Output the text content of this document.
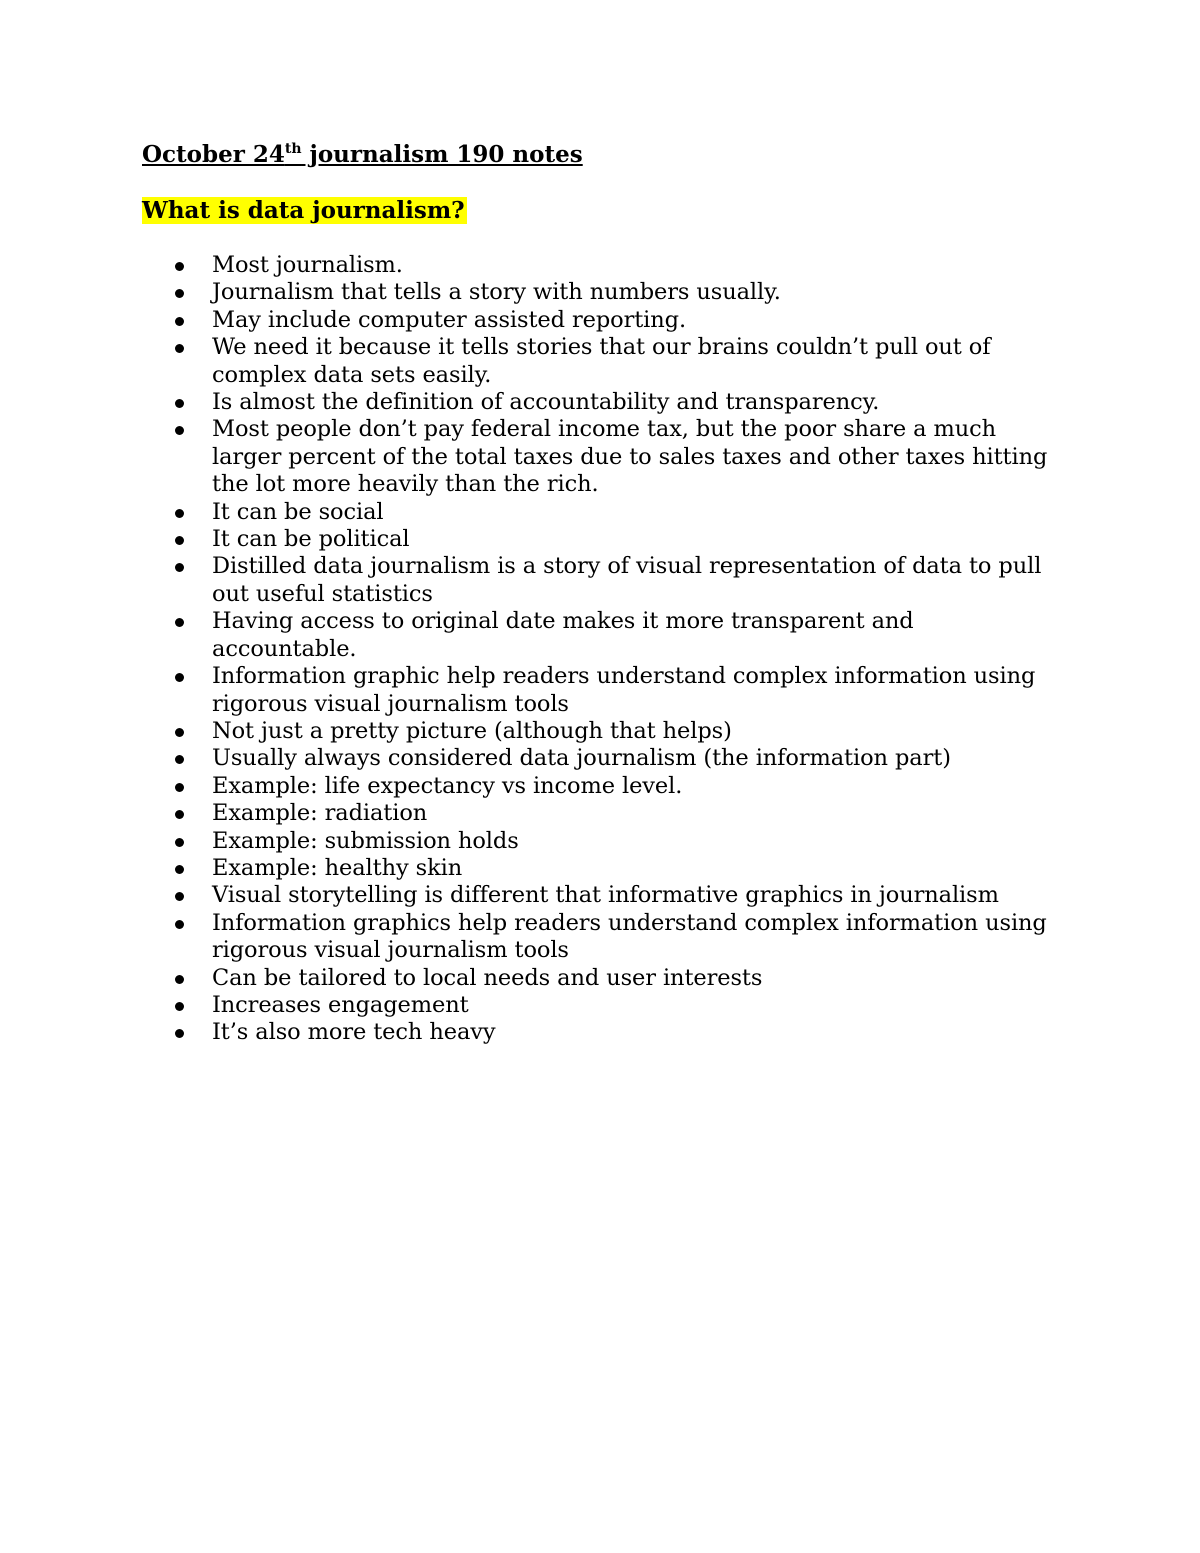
October 24th journalism 190 notes

What is data journalism?

Most journalism.
Journalism that tells a story with numbers usually.
May include computer assisted reporting.
We need it because it tells stories that our brains couldn’t pull out of complex data sets easily.
Is almost the definition of accountability and transparency.
Most people don’t pay federal income tax, but the poor share a much larger percent of the total taxes due to sales taxes and other taxes hitting the lot more heavily than the rich.
It can be social
It can be political
Distilled data journalism is a story of visual representation of data to pull out useful statistics
Having access to original date makes it more transparent and accountable.
Information graphic help readers understand complex information using rigorous visual journalism tools
Not just a pretty picture (although that helps)
Usually always considered data journalism (the information part)
Example: life expectancy vs income level.
Example: radiation
Example: submission holds
Example: healthy skin
Visual storytelling is different that informative graphics in journalism
Information graphics help readers understand complex information using rigorous visual journalism tools
Can be tailored to local needs and user interests
Increases engagement
It’s also more tech heavy
